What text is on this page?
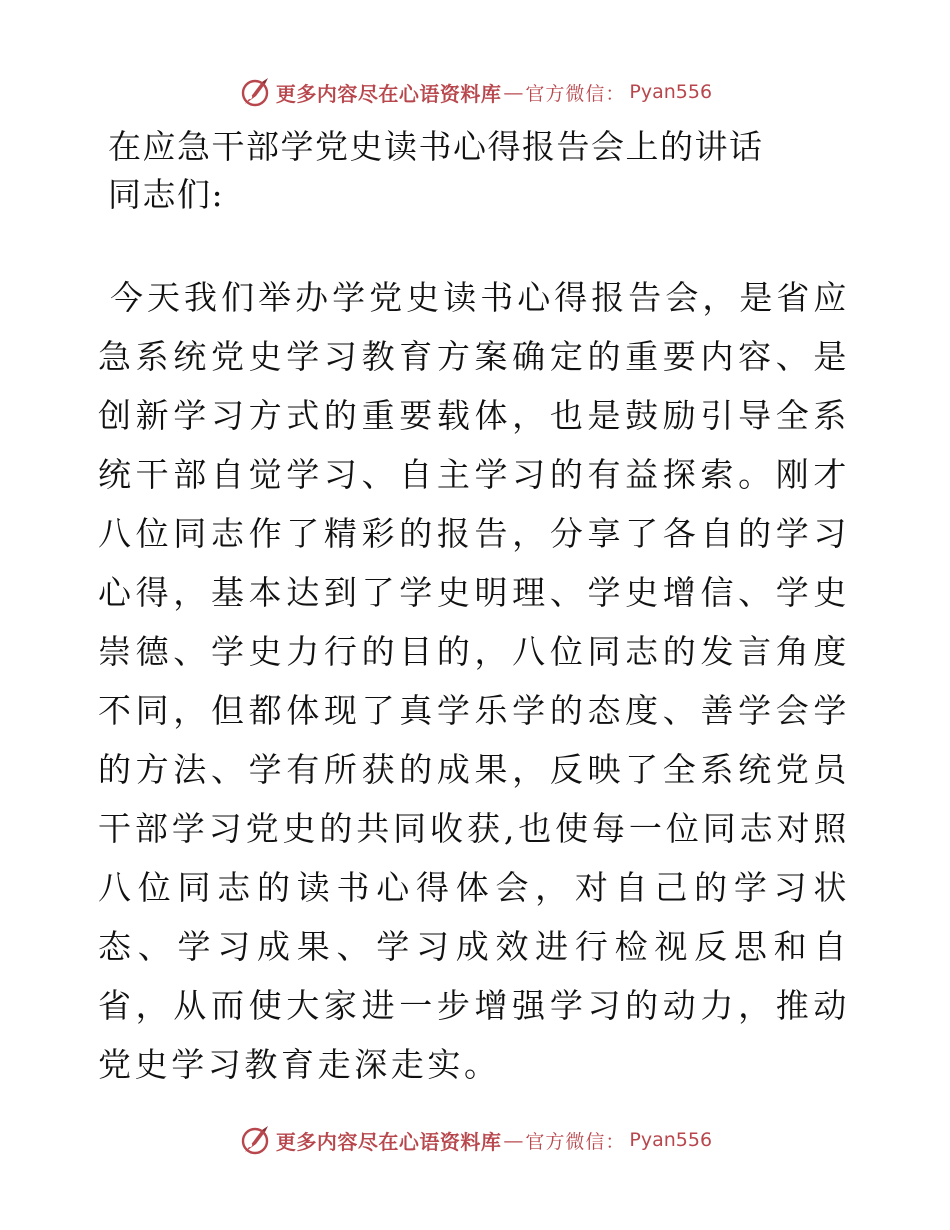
更多内容尽在心语资料库 — 官方微信： Pyan556
在应急干部学党史读书心得报告会上的讲话
同志们:

今天我们举办学党史读书心得报告会，是省应急系统党史学习教育方案确定的重要内容、是创新学习方式的重要载体，也是鼓励引导全系统干部自觉学习、自主学习的有益探索。刚才八位同志作了精彩的报告，分享了各自的学习心得，基本达到了学史明理、学史增信、学史崇德、学史力行的目的，八位同志的发言角度不同，但都体现了真学乐学的态度、善学会学的方法、学有所获的成果，反映了全系统党员干部学习党史的共同收获,也使每一位同志对照八位同志的读书心得体会，对自己的学习状态、学习成果、学习成效进行检视反思和自省，从而使大家进一步增强学习的动力，推动党史学习教育走深走实。

更多内容尽在心语资料库 — 官方微信： Pyan556
